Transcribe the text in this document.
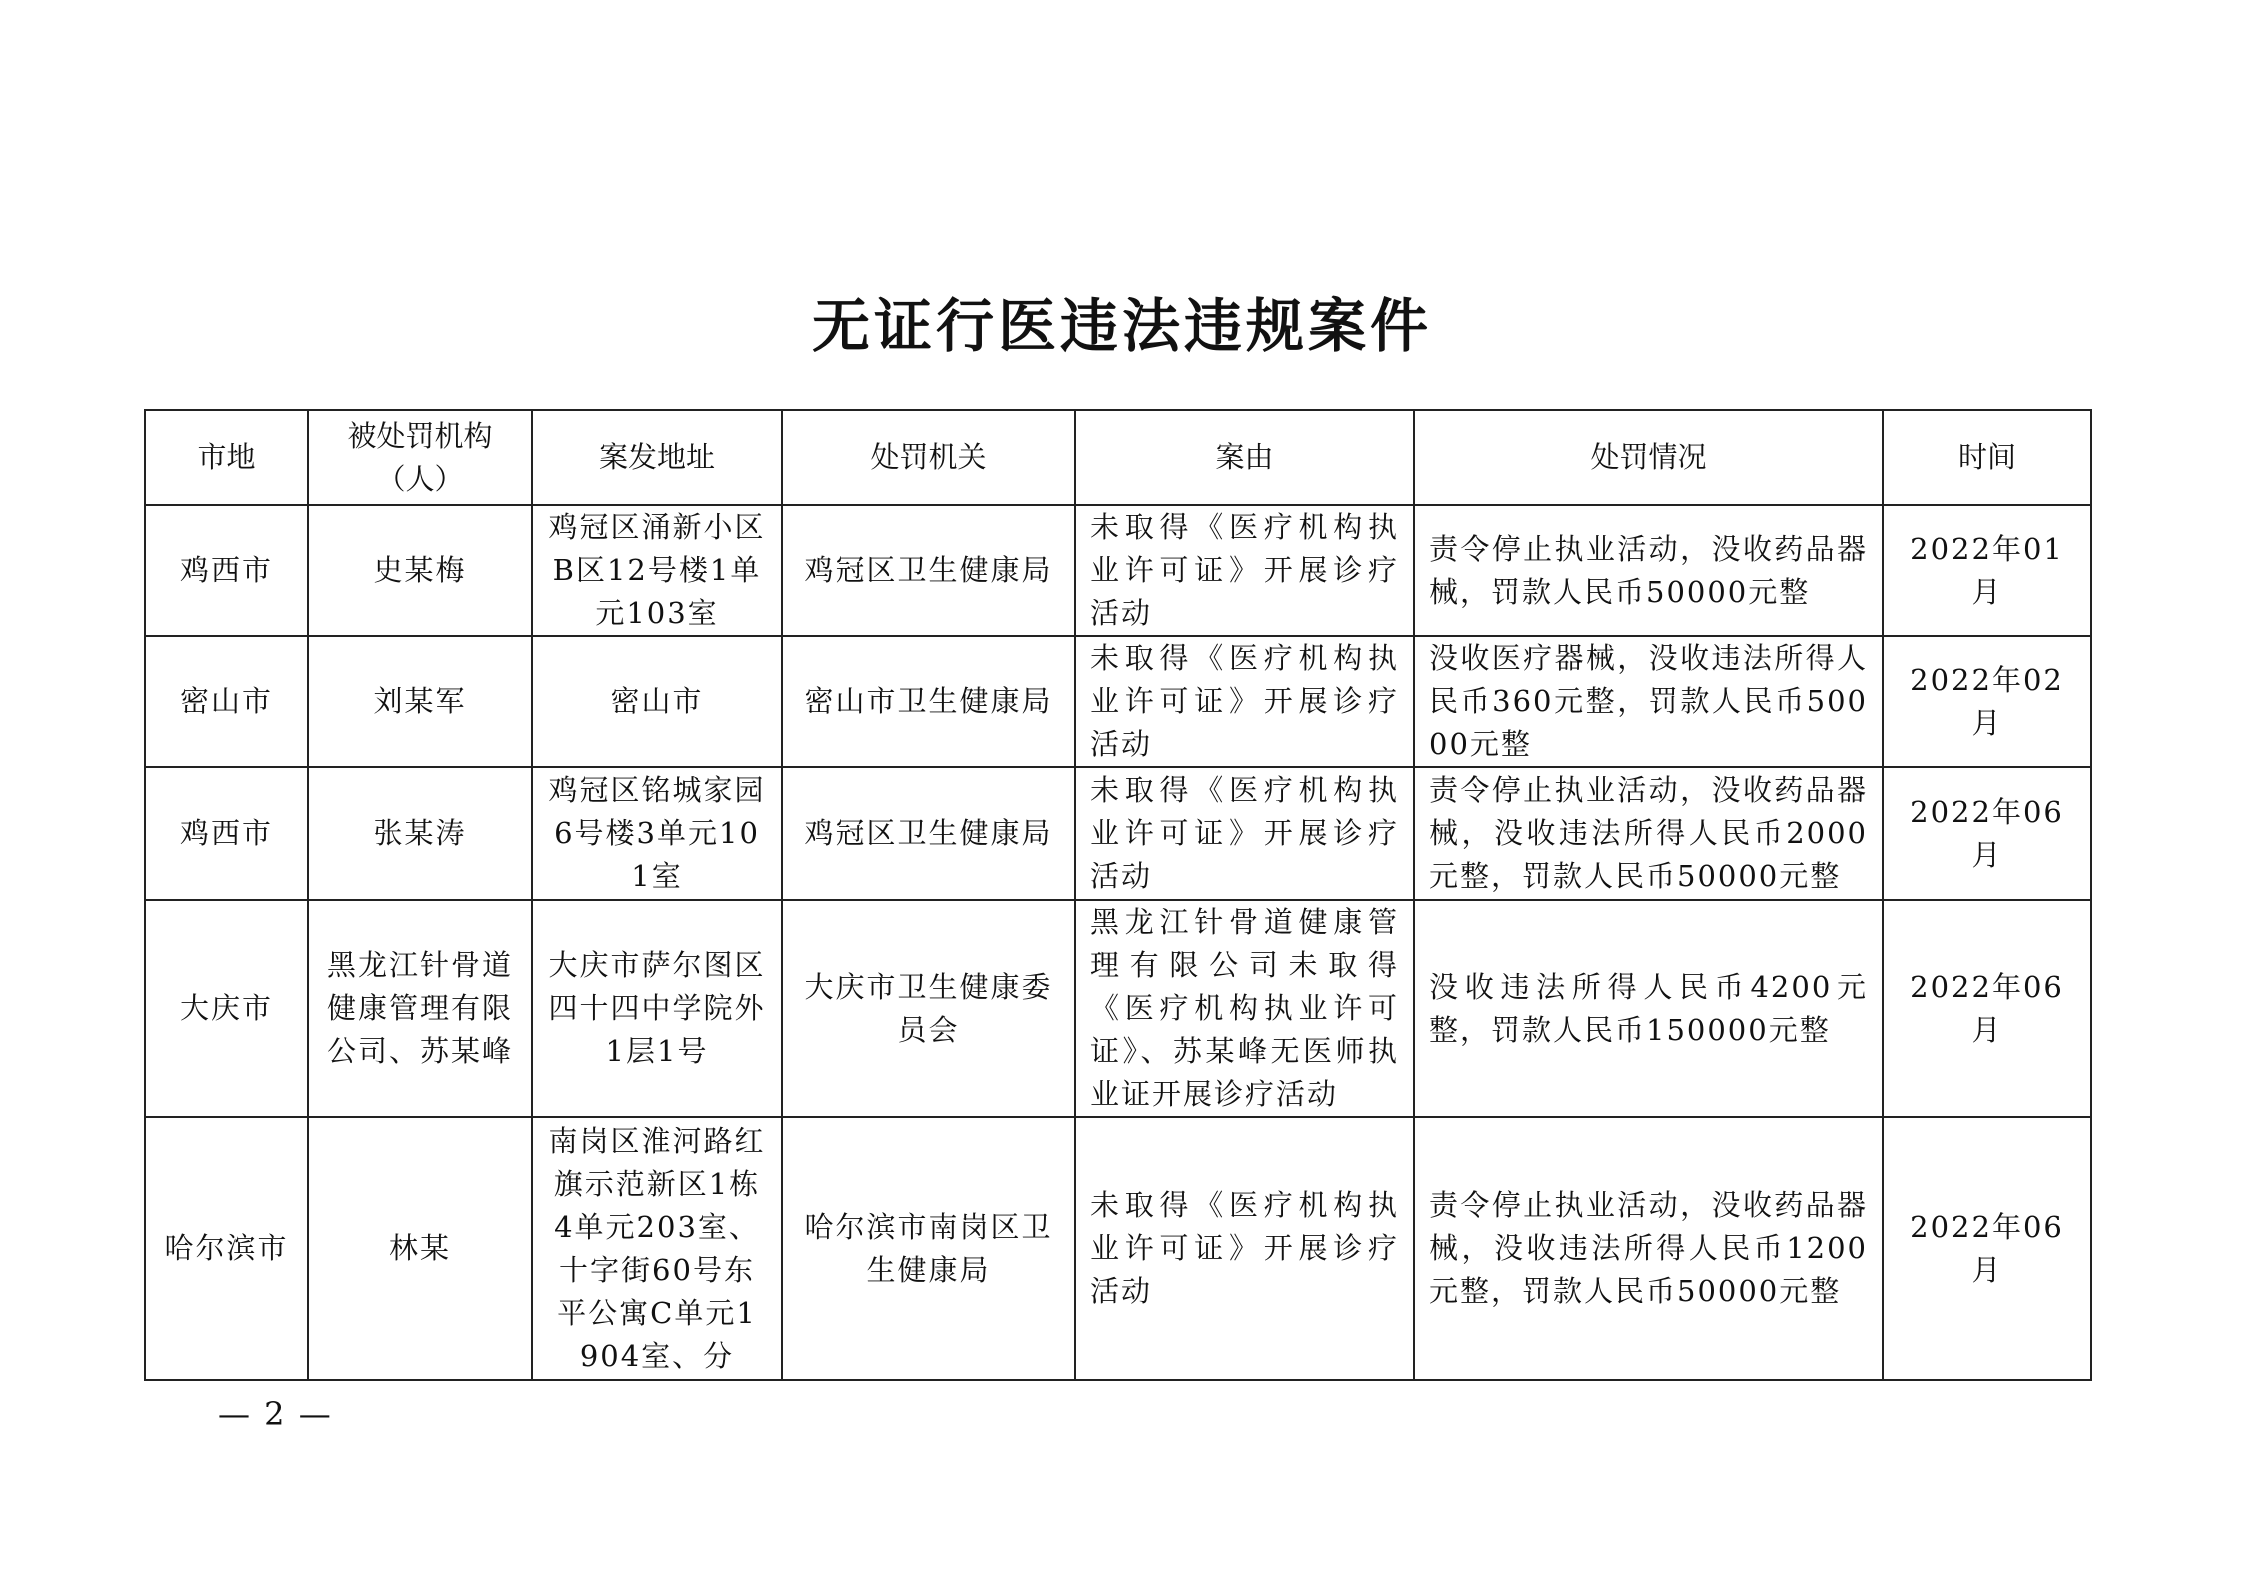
无证行医违法违规案件
市地	被处罚机构（人）	案发地址	处罚机关	案由	处罚情况	时间
鸡西市	史某梅	鸡冠区涌新小区B区12号楼1单元103室	鸡冠区卫生健康局	未取得《医疗机构执业许可证》开展诊疗活动	责令停止执业活动，没收药品器械，罚款人民币50000元整	2022年01月
密山市	刘某军	密山市	密山市卫生健康局	未取得《医疗机构执业许可证》开展诊疗活动	没收医疗器械，没收违法所得人民币360元整，罚款人民币50000元整	2022年02月
鸡西市	张某涛	鸡冠区铭城家园6号楼3单元101室	鸡冠区卫生健康局	未取得《医疗机构执业许可证》开展诊疗活动	责令停止执业活动，没收药品器械，没收违法所得人民币2000元整，罚款人民币50000元整	2022年06月
大庆市	黑龙江针骨道健康管理有限公司、苏某峰	大庆市萨尔图区四十四中学院外1层1号	大庆市卫生健康委员会	黑龙江针骨道健康管理有限公司未取得《医疗机构执业许可证》、苏某峰无医师执业证开展诊疗活动	没收违法所得人民币4200元整，罚款人民币150000元整	2022年06月
哈尔滨市	林某	南岗区淮河路红旗示范新区1栋4单元203室、十字街60号东平公寓C单元1904室、分	哈尔滨市南岗区卫生健康局	未取得《医疗机构执业许可证》开展诊疗活动	责令停止执业活动，没收药品器械，没收违法所得人民币1200元整，罚款人民币50000元整	2022年06月
— 2 —
